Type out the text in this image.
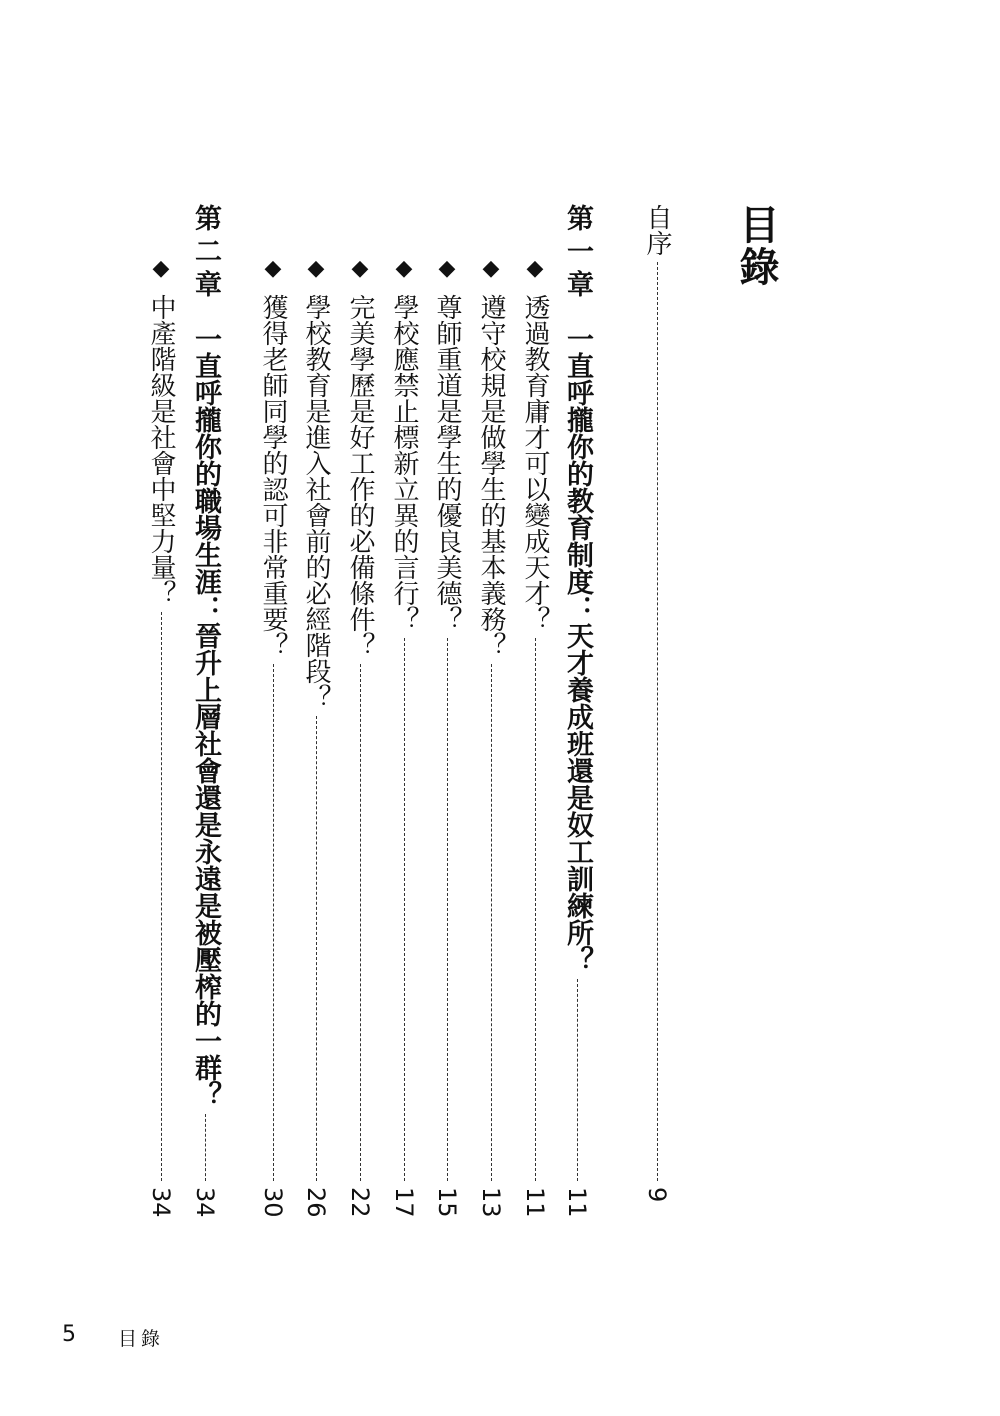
目錄
自序
9
第一章一直呼攏你的教育制度：天才養成班還是奴工訓練所？
11
◆
透過教育庸才可以變成天才？
11
◆
遵守校規是做學生的基本義務？
13
◆
尊師重道是學生的優良美德？
15
◆
學校應禁止標新立異的言行？
17
◆
完美學歷是好工作的必備條件？
22
◆
學校教育是進入社會前的必經階段？
26
◆
獲得老師同學的認可非常重要？
30
第二章一直呼攏你的職場生涯：晉升上層社會還是永遠是被壓榨的一群？
34
◆
中產階級是社會中堅力量？
34
5 目錄
